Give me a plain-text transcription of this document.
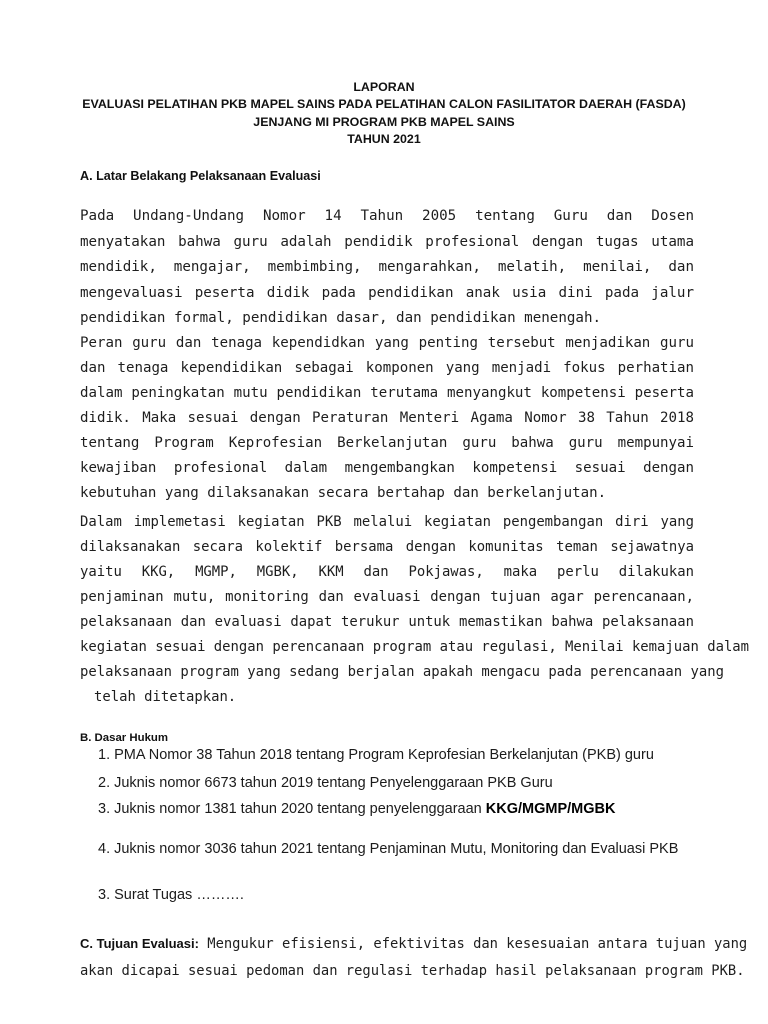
LAPORAN
EVALUASI PELATIHAN PKB MAPEL SAINS PADA PELATIHAN CALON FASILITATOR DAERAH (FASDA)
JENJANG MI PROGRAM PKB MAPEL SAINS
TAHUN 2021
A. Latar Belakang Pelaksanaan Evaluasi
Pada Undang-Undang Nomor 14 Tahun 2005 tentang Guru dan Dosen
menyatakan bahwa guru adalah pendidik profesional dengan tugas utama
mendidik, mengajar, membimbing, mengarahkan, melatih, menilai, dan
mengevaluasi peserta didik pada pendidikan anak usia dini pada jalur
pendidikan formal, pendidikan dasar, dan pendidikan menengah.
Peran guru dan tenaga kependidkan yang penting tersebut menjadikan guru
dan tenaga kependidikan sebagai komponen yang menjadi fokus perhatian
dalam peningkatan mutu pendidikan terutama menyangkut kompetensi peserta
didik. Maka sesuai dengan Peraturan Menteri Agama Nomor 38 Tahun 2018
tentang Program Keprofesian Berkelanjutan guru bahwa guru mempunyai
kewajiban profesional dalam mengembangkan kompetensi sesuai dengan
kebutuhan yang dilaksanakan secara bertahap dan berkelanjutan.
Dalam implemetasi kegiatan PKB melalui kegiatan pengembangan diri yang
dilaksanakan secara kolektif bersama dengan komunitas teman sejawatnya
yaitu KKG, MGMP, MGBK, KKM dan Pokjawas, maka perlu dilakukan
penjaminan mutu, monitoring dan evaluasi dengan tujuan agar perencanaan,
pelaksanaan dan evaluasi dapat terukur untuk memastikan bahwa pelaksanaan
kegiatan sesuai dengan perencanaan program atau regulasi, Menilai kemajuan dalam
pelaksanaan program yang sedang berjalan apakah mengacu pada perencanaan yang
telah ditetapkan.
B. Dasar Hukum
1. PMA Nomor 38 Tahun 2018 tentang Program Keprofesian Berkelanjutan (PKB) guru
2. Juknis nomor 6673 tahun 2019 tentang Penyelenggaraan PKB Guru
3. Juknis nomor 1381 tahun 2020 tentang penyelenggaraan KKG/MGMP/MGBK
4. Juknis nomor 3036 tahun 2021 tentang Penjaminan Mutu, Monitoring dan Evaluasi PKB
3. Surat Tugas ……….
C. Tujuan Evaluasi: Mengukur efisiensi, efektivitas dan kesesuaian antara tujuan yang
akan dicapai sesuai pedoman dan regulasi terhadap hasil pelaksanaan program PKB.
